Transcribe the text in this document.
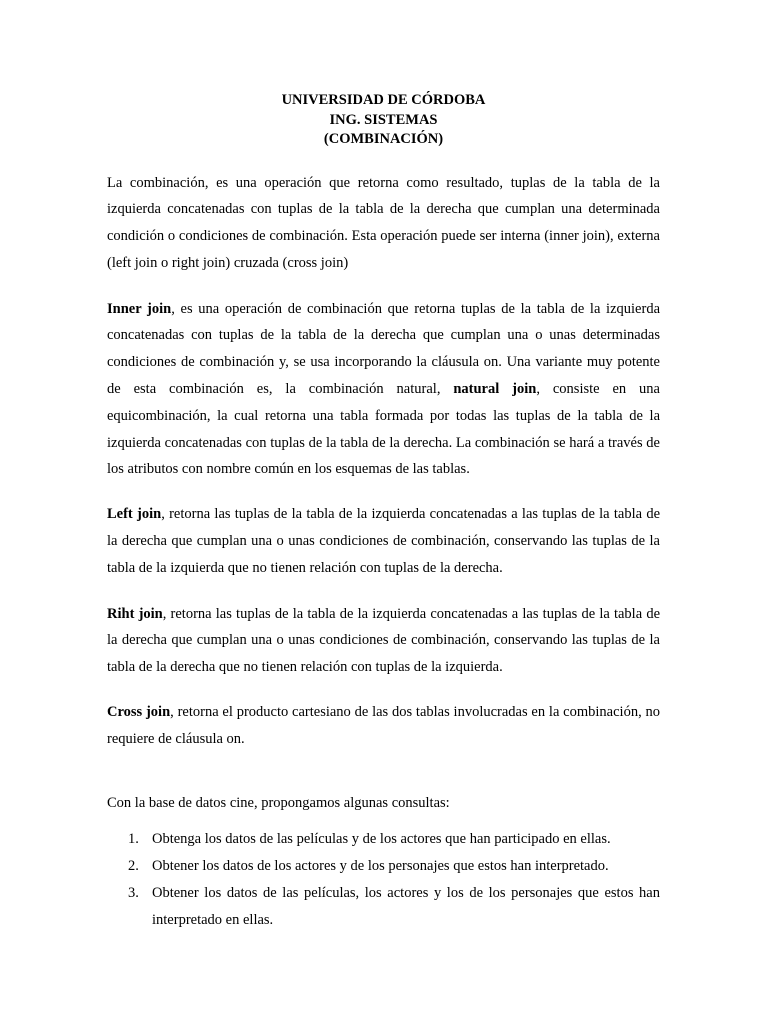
UNIVERSIDAD DE CÓRDOBA
ING. SISTEMAS
(COMBINACIÓN)

La combinación, es una operación que retorna como resultado, tuplas de la tabla de la izquierda concatenadas con tuplas de la tabla de la derecha que cumplan una determinada condición o condiciones de combinación. Esta operación puede ser interna (inner join), externa (left join o right join) cruzada (cross join)

Inner join, es una operación de combinación que retorna tuplas de la tabla de la izquierda concatenadas con tuplas de la tabla de la derecha que cumplan una o unas determinadas condiciones de combinación y, se usa incorporando la cláusula on. Una variante muy potente de esta combinación es, la combinación natural, natural join, consiste en una equicombinación, la cual retorna una tabla formada por todas las tuplas de la tabla de la izquierda concatenadas con tuplas de la tabla de la derecha. La combinación se hará a través de los atributos con nombre común en los esquemas de las tablas.

Left join, retorna las tuplas de la tabla de la izquierda concatenadas a las tuplas de la tabla de la derecha que cumplan una o unas condiciones de combinación, conservando las tuplas de la tabla de la izquierda que no tienen relación con tuplas de la derecha.

Riht join, retorna las tuplas de la tabla de la izquierda concatenadas a las tuplas de la tabla de la derecha que cumplan una o unas condiciones de combinación, conservando las tuplas de la tabla de la derecha que no tienen relación con tuplas de la izquierda.

Cross join, retorna el producto cartesiano de las dos tablas involucradas en la combinación, no requiere de cláusula on.

Con la base de datos cine, propongamos algunas consultas:

1. Obtenga los datos de las películas y de los actores que han participado en ellas.
2. Obtener los datos de los actores y de los personajes que estos han interpretado.
3. Obtener los datos de las películas, los actores y los de los personajes que estos han interpretado en ellas.
